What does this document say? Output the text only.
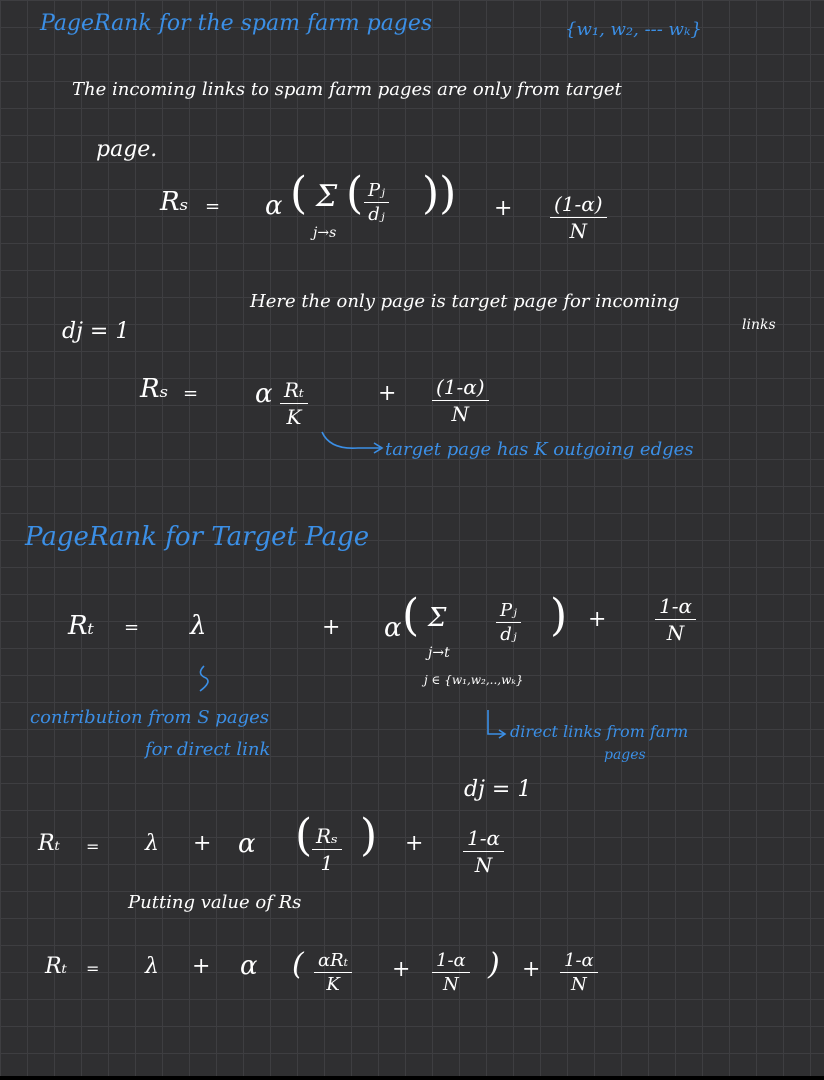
PageRank for the spam farm pages	{w₁, w₂, --- wₖ}
The incoming links to spam farm pages are only from target
page.
Rₛ = α ( Σ
j→s
( $\frac{\text{Pⱼ}}{\text{dⱼ}}$ )) + $\frac{(1-\alpha)}{N}$
Here the only page is target page for incoming
links
dj = 1
Rₛ = α $\frac{\text{Rₜ}}{K}$	+ $\frac{(1-\alpha)}{N}$
target page has K outgoing edges
PageRank for Target Page
Rₜ = λ	+ α ( Σ
j→t
$\frac{\text{Pⱼ}}{\text{dⱼ}}$ ) + $\frac{1-\alpha}{N}$
j ∈ {w₁,w₂,..,wₖ}
contribution from S pages
for direct link
direct links from farm
pages
dj = 1
Rₜ = λ + α ( $\frac{\text{Rₛ}}{1}$ ) + $\frac{1-\alpha}{N}$
Putting value of Rs
Rₜ = λ + α ( αRₜ
K
+ $\frac{1-\alpha}{N}$ ) + $\frac{1-\alpha}{N}$
